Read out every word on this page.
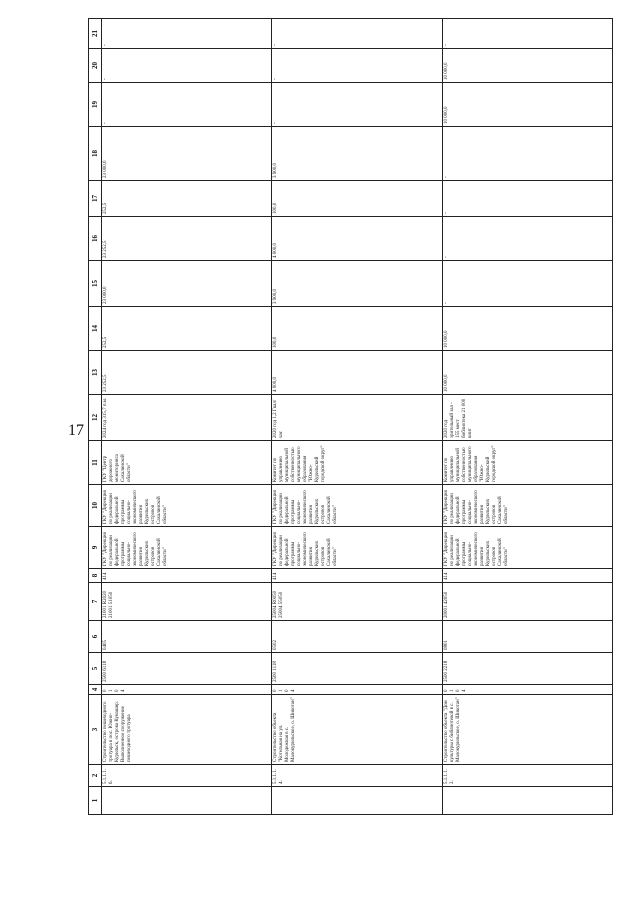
17
1	2	3	4	5	6	7	8	9	10	11	12	13	14	15	16	17	18	19	20	21
	5.1.1.1.6.	Строительство пешеходного тротуара в пос. Южно-Курильск, острова Кунашир. Выполненное сооружение пешеходного тротуара	0 1 0 4	2500 6118	0405	21001 R2020 21001 51050	414	ГКУ "Дирекция по реализации федеральной программы социально-экономического развития Курильских островов Сахалинской области"	ГКУ "Дирекция по реализации федеральной программы социально-экономического развития Курильских островов Сахалинской области"	ГКУ "Центр дорожного мониторинга Сахалинской области"	2024 год 315,7 п.м.	23 252,5	252,5	23 000,0	23 252,5	252,5	23 000,0	-	-	-
	5.1.1.1.4.	Строительство объекта "Котельная на ул. Молодежная в с. Малокурильское, о. Шикотан"	0 1 0 4	2500 1118	0502	25004 R0050 25004 55050	414	ГКУ "Дирекция по реализации федеральной программы социально-экономического развития Курильских островов Сахалинской области"	ГКУ "Дирекция по реализации федеральной программы социально-экономического развития Курильских островов Сахалинской области"	Комитет по управлению муниципальной собственностью муниципального образования "Южно-Курильский городской округ"	2020 год 1,2 Гкал/час	4 000,0	100,0	3 900,0	4 000,0	100,0	3 900,0	-	-	-
	5.1.1.1.2.	Строительство объекта "Дом культуры с библиотекой в с. Малокурильское, о. Шикотан"	0 1 0 4	2500 2218	0801	20001 42050	414	ГКУ "Дирекция по реализации федеральной программы социально-экономического развития Курильских островов Сахалинской области"	ГКУ "Дирекция по реализации федеральной программы социально-экономического развития Курильских островов Сахалинской области"	Комитет по управлению муниципальной собственностью муниципального образования "Южно-Курильский городской округ"	2020 год зрительный зал - 155 мест библиотека 21 000 книг	10 000,0	10 000,0	-	-	-	-	10 000,0	10 000,0	-
